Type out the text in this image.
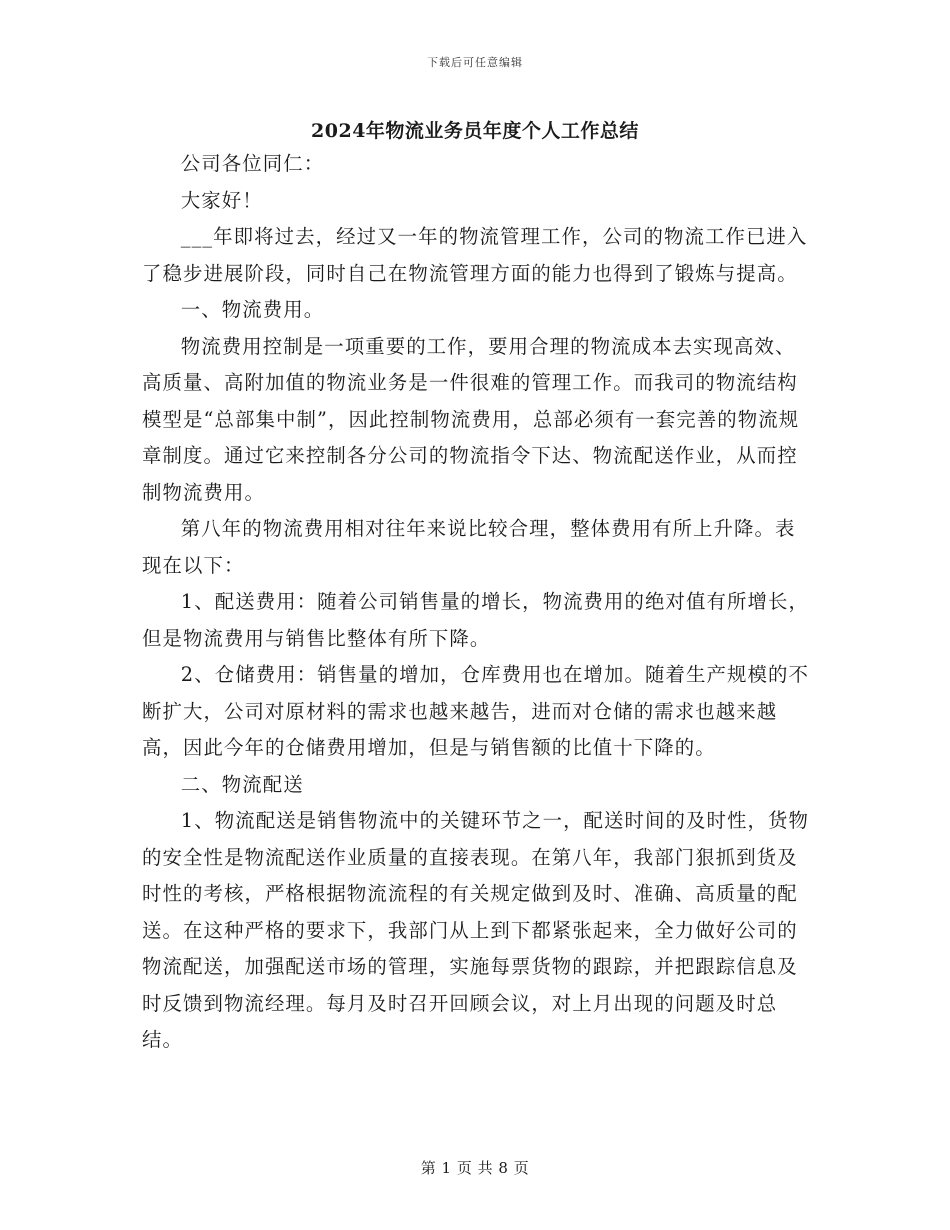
下载后可任意编辑
2024年物流业务员年度个人工作总结

公司各位同仁：

大家好！

___年即将过去，经过又一年的物流管理工作，公司的物流工作已进入了稳步进展阶段，同时自己在物流管理方面的能力也得到了锻炼与提高。

一、物流费用。

物流费用控制是一项重要的工作，要用合理的物流成本去实现高效、高质量、高附加值的物流业务是一件很难的管理工作。而我司的物流结构模型是“总部集中制”，因此控制物流费用，总部必须有一套完善的物流规章制度。通过它来控制各分公司的物流指令下达、物流配送作业，从而控制物流费用。

第八年的物流费用相对往年来说比较合理，整体费用有所上升降。表现在以下：

1、配送费用：随着公司销售量的增长，物流费用的绝对值有所增长，但是物流费用与销售比整体有所下降。

2、仓储费用：销售量的增加，仓库费用也在增加。随着生产规模的不断扩大，公司对原材料的需求也越来越告，进而对仓储的需求也越来越高，因此今年的仓储费用增加，但是与销售额的比值十下降的。

二、物流配送

1、物流配送是销售物流中的关键环节之一，配送时间的及时性，货物的安全性是物流配送作业质量的直接表现。在第八年，我部门狠抓到货及时性的考核，严格根据物流流程的有关规定做到及时、准确、高质量的配送。在这种严格的要求下，我部门从上到下都紧张起来，全力做好公司的物流配送，加强配送市场的管理，实施每票货物的跟踪，并把跟踪信息及时反馈到物流经理。每月及时召开回顾会议，对上月出现的问题及时总结。

第 1 页 共 8 页
